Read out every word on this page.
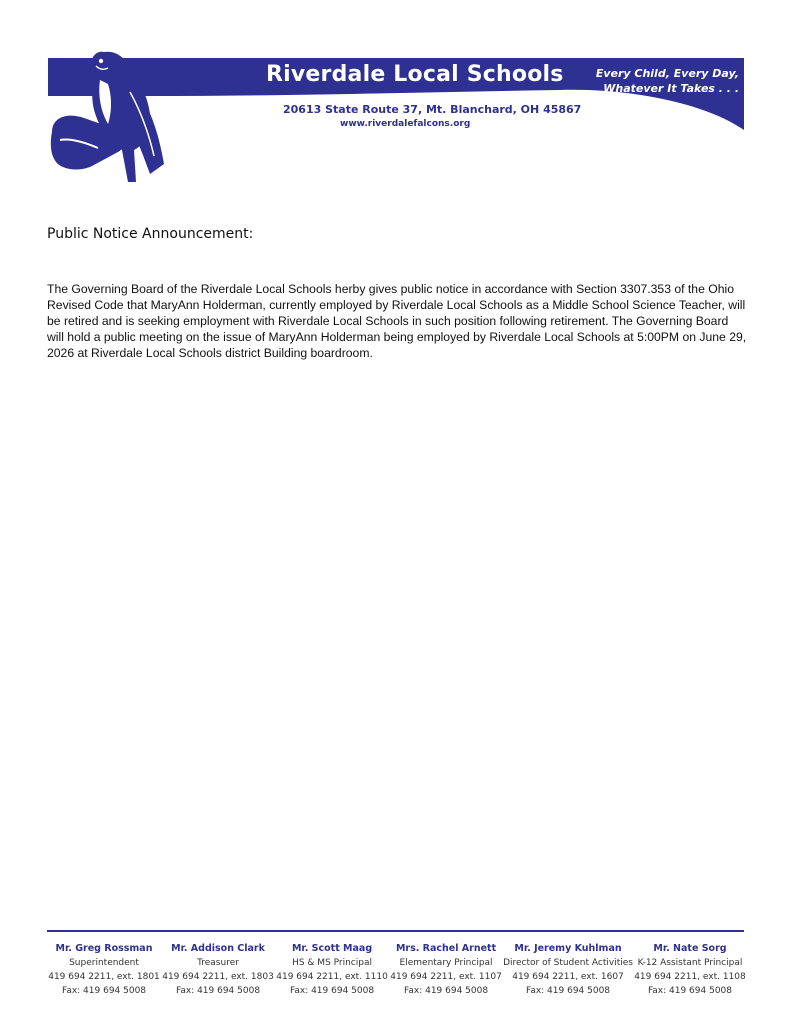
Riverdale Local Schools	Every Child, Every Day,
Whatever It Takes . . .
20613 State Route 37, Mt. Blanchard, OH 45867
www.riverdalefalcons.org
Public Notice Announcement:
The Governing Board of the Riverdale Local Schools herby gives public notice in accordance with Section 3307.353 of the Ohio Revised Code that MaryAnn Holderman, currently employed by Riverdale Local Schools as a Middle School Science Teacher, will be retired and is seeking employment with Riverdale Local Schools in such position following retirement. The Governing Board will hold a public meeting on the issue of MaryAnn Holderman being employed by Riverdale Local Schools at 5:00PM on June 29, 2026 at Riverdale Local Schools district Building boardroom.
Mr. Greg Rossman
Superintendent
419 694 2211, ext. 1801
Fax: 419 694 5008
Mr. Addison Clark
Treasurer
419 694 2211, ext. 1803
Fax: 419 694 5008
Mr. Scott Maag
HS & MS Principal
419 694 2211, ext. 1110
Fax: 419 694 5008
Mrs. Rachel Arnett
Elementary Principal
419 694 2211, ext. 1107
Fax: 419 694 5008
Mr. Jeremy Kuhlman
Director of Student Activities
419 694 2211, ext. 1607
Fax: 419 694 5008
Mr. Nate Sorg
K-12 Assistant Principal
419 694 2211, ext. 1108
Fax: 419 694 5008
